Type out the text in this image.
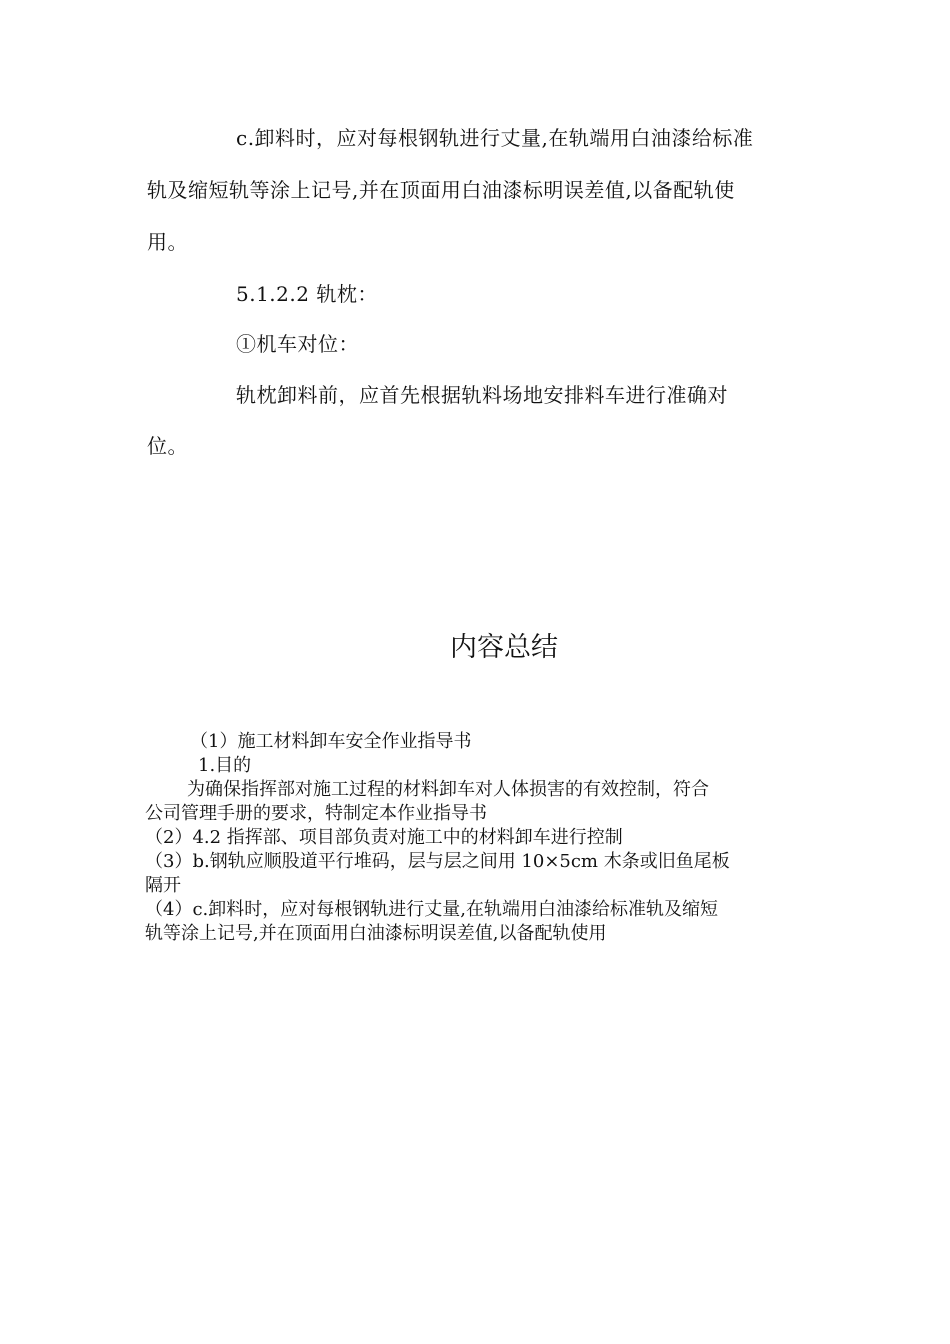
c.卸料时，应对每根钢轨进行丈量,在轨端用白油漆给标准
轨及缩短轨等涂上记号,并在顶面用白油漆标明误差值,以备配轨使
用。
5.1.2.2 轨枕：
①机车对位：
轨枕卸料前，应首先根据轨料场地安排料车进行准确对
位。
内容总结
（1）施工材料卸车安全作业指导书
1.目的
为确保指挥部对施工过程的材料卸车对人体损害的有效控制，符合
公司管理手册的要求，特制定本作业指导书
（2）4.2 指挥部、项目部负责对施工中的材料卸车进行控制
（3）b.钢轨应顺股道平行堆码，层与层之间用 10×5cm 木条或旧鱼尾板
隔开
（4）c.卸料时，应对每根钢轨进行丈量,在轨端用白油漆给标准轨及缩短
轨等涂上记号,并在顶面用白油漆标明误差值,以备配轨使用
